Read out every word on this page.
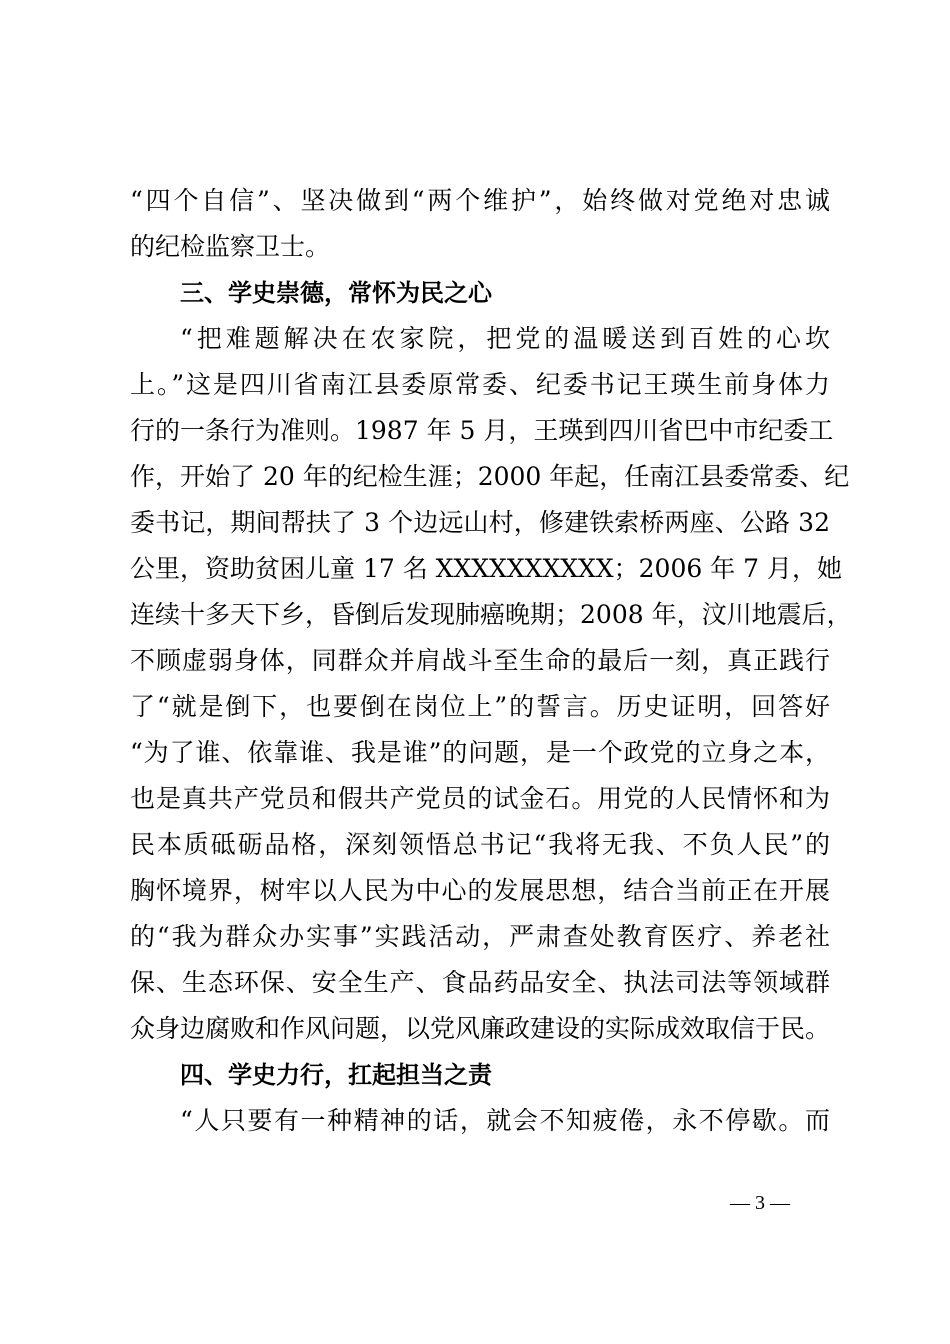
“四个自信”、坚决做到“两个维护”，始终做对党绝对忠诚
的纪检监察卫士。
三、学史崇德，常怀为民之心
“把难题解决在农家院，把党的温暖送到百姓的心坎
上。”这是四川省南江县委原常委、纪委书记王瑛生前身体力
行的一条行为准则。1987 年 5 月，王瑛到四川省巴中市纪委工
作，开始了 20 年的纪检生涯；2000 年起，任南江县委常委、纪
委书记，期间帮扶了 3 个边远山村，修建铁索桥两座、公路 32
公里，资助贫困儿童 17 名 XXXXXXXXXX；2006 年 7 月，她
连续十多天下乡，昏倒后发现肺癌晚期；2008 年，汶川地震后，
不顾虚弱身体，同群众并肩战斗至生命的最后一刻，真正践行
了“就是倒下，也要倒在岗位上”的誓言。历史证明，回答好
“为了谁、依靠谁、我是谁”的问题，是一个政党的立身之本，
也是真共产党员和假共产党员的试金石。用党的人民情怀和为
民本质砥砺品格，深刻领悟总书记“我将无我、不负人民”的
胸怀境界，树牢以人民为中心的发展思想，结合当前正在开展
的“我为群众办实事”实践活动，严肃查处教育医疗、养老社
保、生态环保、安全生产、食品药品安全、执法司法等领域群
众身边腐败和作风问题，以党风廉政建设的实际成效取信于民。
四、学史力行，扛起担当之责
“人只要有一种精神的话，就会不知疲倦，永不停歇。而
— 3 —
